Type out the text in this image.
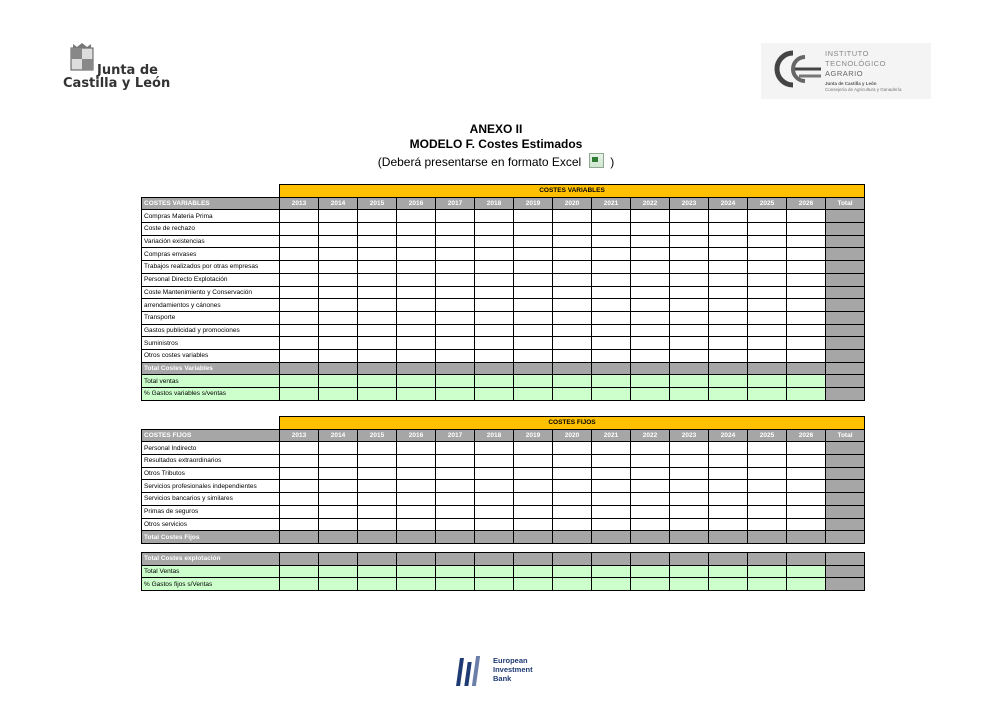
Junta de
Castilla y León
INSTITUTO
TECNOLÓGICO
AGRARIO
Junta de Castilla y León
Consejería de Agricultura y Ganadería
ANEXO II
MODELO F. Costes Estimados
(Deberá presentarse en formato Excel )
	COSTES VARIABLES														
COSTES VARIABLES	2013	2014	2015	2016	2017	2018	2019	2020	2021	2022	2023	2024	2025	2026	Total
Compras Materia Prima															
Coste de rechazo															
Variación existencias															
Compras envases															
Trabajos realizados por otras empresas															
Personal Directo Explotación															
Coste Mantenimiento y Conservación															
arrendamientos y cánones															
Transporte															
Gastos publicidad y promociones															
Suministros															
Otros costes variables															
Total Costes Variables															
Total ventas															
% Gastos variables s/ventas															
	COSTES FIJOS														
COSTES FIJOS	2013	2014	2015	2016	2017	2018	2019	2020	2021	2022	2023	2024	2025	2026	Total
Personal Indirecto															
Resultados extraordinarios															
Otros Tributos															
Servicios profesionales independientes															
Servicios bancarios y similares															
Primas de seguros															
Otros servicios															
Total Costes Fijos															

Total Costes explotación															
Total Ventas															
% Gastos fijos s/Ventas															
European
Investment
Bank
